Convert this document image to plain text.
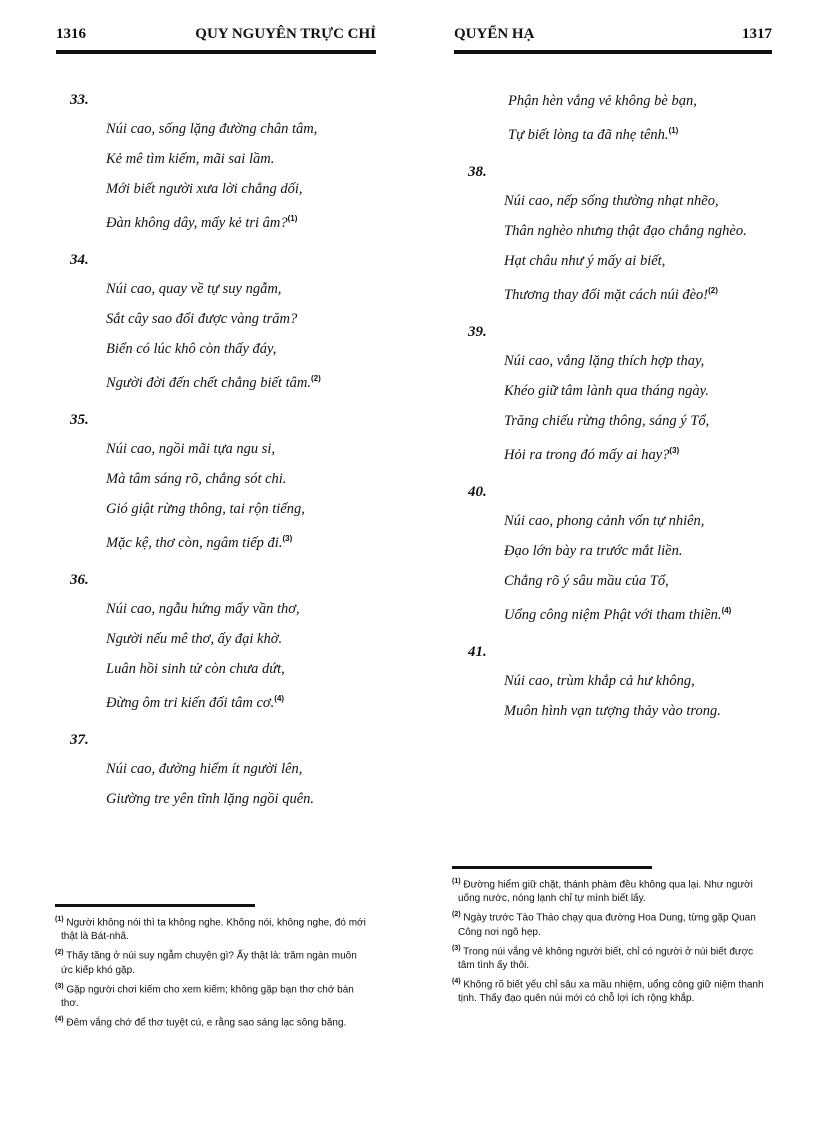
1316	QUY NGUYÊN TRỰC CHỈ
33.
Núi cao, sống lặng đường chân tâm,
Kẻ mê tìm kiếm, mãi sai lầm.
Mới biết người xưa lời chẳng dối,
Đàn không dây, mấy kẻ tri âm?$^{(1)}$
34.
Núi cao, quay về tự suy ngẫm,
Sắt cây sao đổi được vàng trăm?
Biển có lúc khô còn thấy đáy,
Người đời đến chết chẳng biết tâm.$^{(2)}$
35.
Núi cao, ngồi mãi tựa ngu si,
Mà tâm sáng rõ, chẳng sót chi.
Gió giật rừng thông, tai rộn tiếng,
Mặc kệ, thơ còn, ngâm tiếp đi.$^{(3)}$
36.
Núi cao, ngẫu hứng mấy vần thơ,
Người nếu mê thơ, ấy đại khờ.
Luân hồi sinh tử còn chưa dứt,
Đừng ôm tri kiến đối tâm cơ.$^{(4)}$
37.
Núi cao, đường hiểm ít người lên,
Giường tre yên tĩnh lặng ngồi quên.
QUYỂN HẠ	1317
Phận hèn vắng vẻ không bè bạn,
Tự biết lòng ta đã nhẹ tênh.$^{(1)}$
38.
Núi cao, nếp sống thường nhạt nhẽo,
Thân nghèo nhưng thật đạo chẳng nghèo.
Hạt châu như ý mấy ai biết,
Thương thay đối mặt cách núi đèo!$^{(2)}$
39.
Núi cao, vắng lặng thích hợp thay,
Khéo giữ tâm lành qua tháng ngày.
Trăng chiếu rừng thông, sáng ý Tổ,
Hỏi ra trong đó mấy ai hay?$^{(3)}$
40.
Núi cao, phong cảnh vốn tự nhiên,
Đạo lớn bày ra trước mắt liền.
Chẳng rõ ý sâu mầu của Tổ,
Uổng công niệm Phật với tham thiền.$^{(4)}$
41.
Núi cao, trùm khắp cả hư không,
Muôn hình vạn tượng thảy vào trong.
$^{(1)}$ Người không nói thì ta không nghe. Không nói, không nghe, đó mới thật là Bát-nhã.
$^{(2)}$ Thấy tăng ở núi suy ngẫm chuyện gì? Ấy thật là: trăm ngàn muôn ức kiếp khó gặp.
$^{(3)}$ Gặp người chơi kiếm cho xem kiếm; không gặp bạn thơ chớ bàn thơ.
$^{(4)}$ Đêm vắng chớ để thơ tuyệt cú, e rằng sao sáng lạc sông băng.
$^{(1)}$ Đường hiểm giữ chặt, thánh phàm đều không qua lại. Như người uống nước, nóng lạnh chỉ tự mình biết lấy.
$^{(2)}$ Ngày trước Tào Tháo chạy qua đường Hoa Dung, từng gặp Quan Công nơi ngõ hẹp.
$^{(3)}$ Trong núi vắng vẻ không người biết, chỉ có người ở núi biết được tâm tình ấy thôi.
$^{(4)}$ Không rõ biết yếu chỉ sâu xa mầu nhiệm, uổng công giữ niệm thanh tịnh. Thấy đạo quên núi mới có chỗ lợi ích rộng khắp.
